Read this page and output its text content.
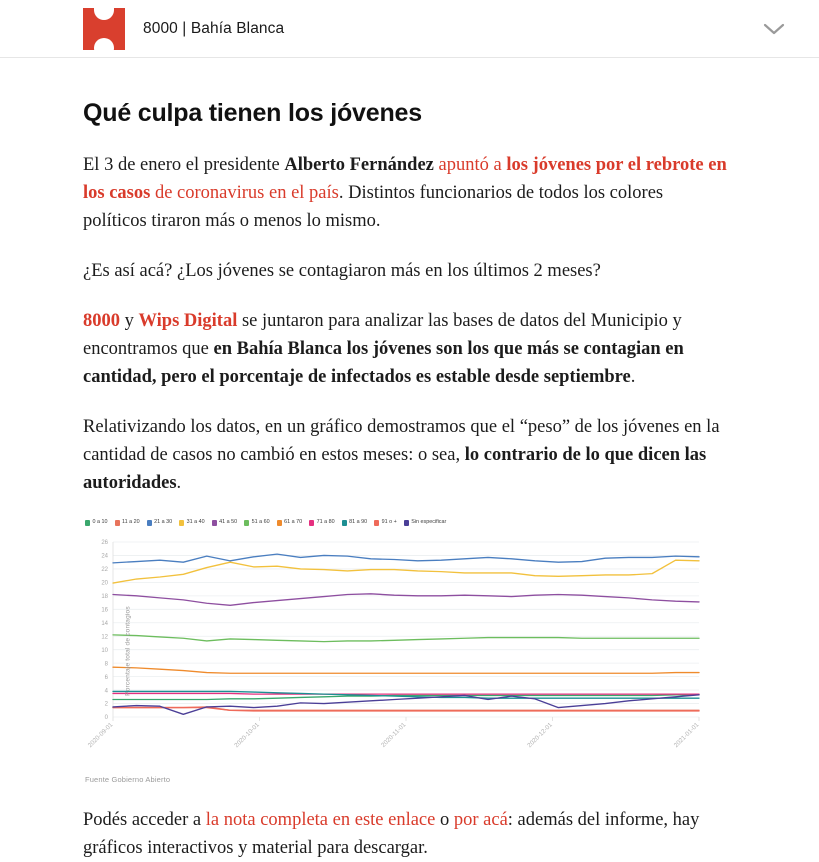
8000 | Bahía Blanca
Qué culpa tienen los jóvenes

El 3 de enero el presidente Alberto Fernández apuntó a los jóvenes por el rebrote en los casos de coronavirus en el país. Distintos funcionarios de todos los colores políticos tiraron más o menos lo mismo.

¿Es así acá? ¿Los jóvenes se contagiaron más en los últimos 2 meses?

8000 y Wips Digital se juntaron para analizar las bases de datos del Municipio y encontramos que en Bahía Blanca los jóvenes son los que más se contagian en cantidad, pero el porcentaje de infectados es estable desde septiembre.

Relativizando los datos, en un gráfico demostramos que el “peso” de los jóvenes en la cantidad de casos no cambió en estos meses: o sea, lo contrario de lo que dicen las autoridades.

0 a 10	11 a 20	21 a 30	31 a 40	41 a 50	51 a 60	61 a 70	71 a 80	81 a 90	91 o +	Sin especificar
Porcentaje total de contagios
0
2
4
6
8
10
12
14
16
18
20
22
24
26
2020-09-01	2020-10-01	2020-11-01	2020-12-01	2021-01-01
Fuente Gobierno Abierto

Podés acceder a la nota completa en este enlace o por acá: además del informe, hay gráficos interactivos y material para descargar.
